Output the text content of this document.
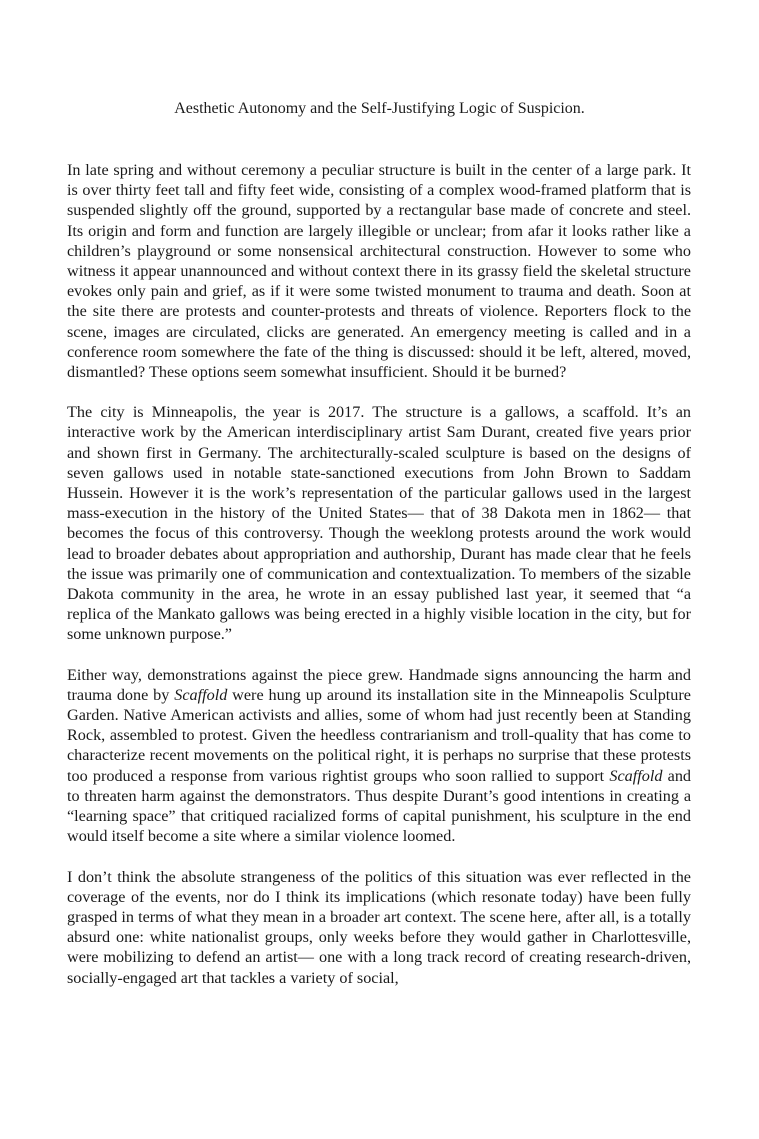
Aesthetic Autonomy and the Self-Justifying Logic of Suspicion.

In late spring and without ceremony a peculiar structure is built in the center of a large park. It is over thirty feet tall and fifty feet wide, consisting of a complex wood-framed platform that is suspended slightly off the ground, supported by a rectangular base made of concrete and steel. Its origin and form and function are largely illegible or unclear; from afar it looks rather like a children’s playground or some nonsensical architectural construction. However to some who witness it appear unannounced and without context there in its grassy field the skeletal structure evokes only pain and grief, as if it were some twisted monument to trauma and death. Soon at the site there are protests and counter-protests and threats of violence. Reporters flock to the scene, images are circulated, clicks are generated. An emergency meeting is called and in a conference room somewhere the fate of the thing is discussed: should it be left, altered, moved, dismantled? These options seem somewhat insufficient. Should it be burned?

The city is Minneapolis, the year is 2017. The structure is a gallows, a scaffold. It’s an interactive work by the American interdisciplinary artist Sam Durant, created five years prior and shown first in Germany. The architecturally-scaled sculpture is based on the designs of seven gallows used in notable state-sanctioned executions from John Brown to Saddam Hussein. However it is the work’s representation of the particular gallows used in the largest mass-execution in the history of the United States— that of 38 Dakota men in 1862— that becomes the focus of this controversy. Though the weeklong protests around the work would lead to broader debates about appropriation and authorship, Durant has made clear that he feels the issue was primarily one of communication and contextualization. To members of the sizable Dakota community in the area, he wrote in an essay published last year, it seemed that “a replica of the Mankato gallows was being erected in a highly visible location in the city, but for some unknown purpose.”

Either way, demonstrations against the piece grew. Handmade signs announcing the harm and trauma done by Scaffold were hung up around its installation site in the Minneapolis Sculpture Garden. Native American activists and allies, some of whom had just recently been at Standing Rock, assembled to protest. Given the heedless contrarianism and troll-quality that has come to characterize recent movements on the political right, it is perhaps no surprise that these protests too produced a response from various rightist groups who soon rallied to support Scaffold and to threaten harm against the demonstrators. Thus despite Durant’s good intentions in creating a “learning space” that critiqued racialized forms of capital punishment, his sculpture in the end would itself become a site where a similar violence loomed.

I don’t think the absolute strangeness of the politics of this situation was ever reflected in the coverage of the events, nor do I think its implications (which resonate today) have been fully grasped in terms of what they mean in a broader art context. The scene here, after all, is a totally absurd one: white nationalist groups, only weeks before they would gather in Charlottesville, were mobilizing to defend an artist— one with a long track record of creating research-driven, socially-engaged art that tackles a variety of social,
